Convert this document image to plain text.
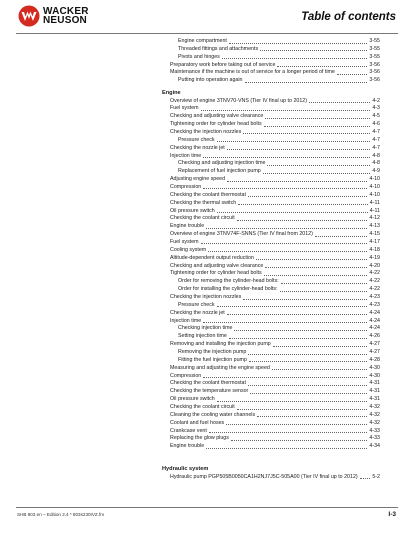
WACKER
NEUSON	Table of contents
Engine compartment	3-55
Threaded fittings and attachments	3-55
Pivots and hinges	3-55
Preparatory work before taking out of service	3-56
Maintenance if the machine is out of service for a longer period of time	3-56
Putting into operation again	3-56
Engine
Overview of engine 3TNV70-VNS (Tier IV final up to 2012)	4-2
Fuel system	4-3
Checking and adjusting valve clearance	4-5
Tightening order for cylinder head bolts	4-6
Checking the injection nozzles	4-7
Pressure check	4-7
Checking the nozzle jet	4-7
Injection time	4-8
Checking and adjusting injection time	4-8
Replacement of fuel injection pump	4-9
Adjusting engine speed	4-10
Compression	4-10
Checking the coolant thermostat	4-10
Checking the thermal switch	4-11
Oil pressure switch	4-11
Checking the coolant circuit	4-12
Engine trouble	4-13
Overview of engine 3TNV74F-SNNS (Tier IV final from 2012)	4-15
Fuel system	4-17
Cooling system	4-18
Altitude-dependent output reduction	4-19
Checking and adjusting valve clearance	4-20
Tightening order for cylinder head bolts	4-22
Order for removing the cylinder-head bolts:	4-22
Order for installing the cylinder-head bolts:	4-22
Checking the injection nozzles	4-23
Pressure check	4-23
Checking the nozzle jet	4-24
Injection time	4-24
Checking injection time	4-24
Setting injection time	4-26
Removing and installing the injection pump	4-27
Removing the injection pump	4-27
Fitting the fuel injection pump	4-28
Measuring and adjusting the engine speed	4-30
Compression	4-30
Checking the coolant thermostat	4-31
Checking the temperature sensor	4-31
Oil pressure switch	4-31
Checking the coolant circuit	4-32
Cleaning the cooling water channels	4-32
Coolant and fuel hoses	4-32
Crankcase vent	4-33
Replacing the glow plugs	4-33
Engine trouble	4-34
Hydraulic system
Hydraulic pump PGP505B0050CA1H2NJ7J5C-505A00 (Tier IV final up to 2012)	5-2
SHB 803 en – Edition 2.4 * 803s230IVZ.fm	I-3
